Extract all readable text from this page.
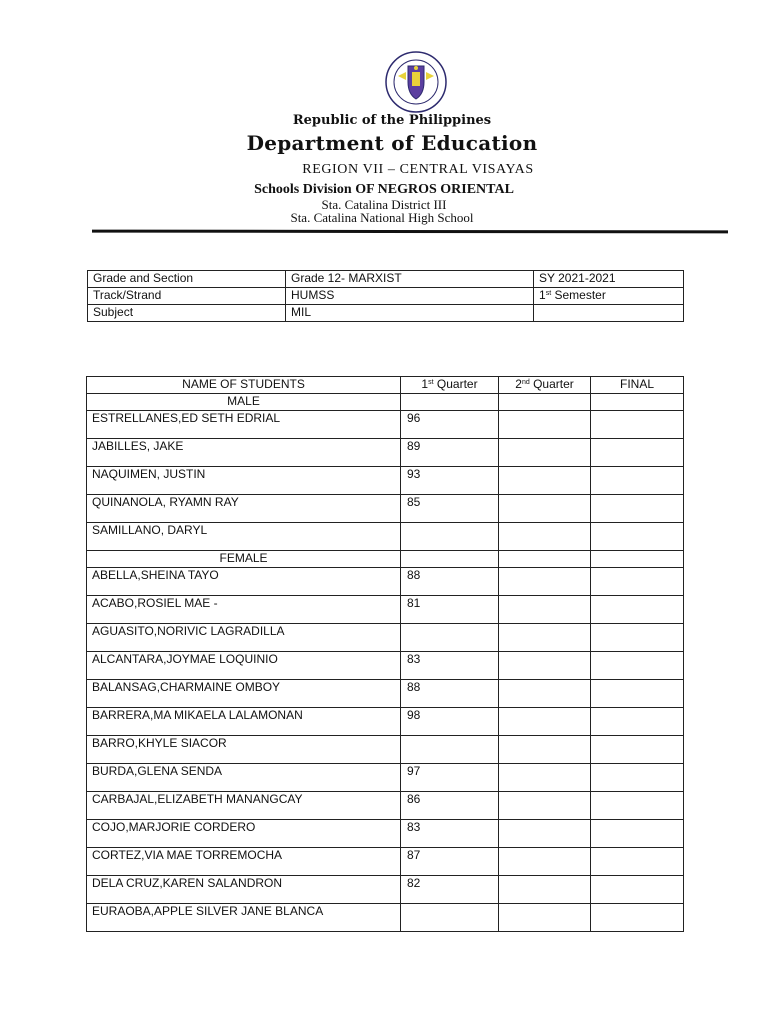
Republic of the Philippines
Department of Education
REGION VII – CENTRAL VISAYAS
Schools Division OF NEGROS ORIENTAL
Sta. Catalina District III
Sta. Catalina National High School
Grade and Section	Grade 12- MARXIST	SY 2021-2021
Track/Strand	HUMSS	1st Semester
Subject	MIL	
NAME OF STUDENTS	1st Quarter	2nd Quarter	FINAL
MALE			
ESTRELLANES,ED SETH EDRIAL	96		
JABILLES, JAKE	89		
NAQUIMEN, JUSTIN	93		
QUINANOLA, RYAMN RAY	85		
SAMILLANO, DARYL			
FEMALE			
ABELLA,SHEINA TAYO	88		
ACABO,ROSIEL MAE -	81		
AGUASITO,NORIVIC LAGRADILLA			
ALCANTARA,JOYMAE LOQUINIO	83		
BALANSAG,CHARMAINE OMBOY	88		
BARRERA,MA MIKAELA LALAMONAN	98		
BARRO,KHYLE SIACOR			
BURDA,GLENA SENDA	97		
CARBAJAL,ELIZABETH MANANGCAY	86		
COJO,MARJORIE CORDERO	83		
CORTEZ,VIA MAE TORREMOCHA	87		
DELA CRUZ,KAREN SALANDRON	82		
EURAOBA,APPLE SILVER JANE BLANCA			
